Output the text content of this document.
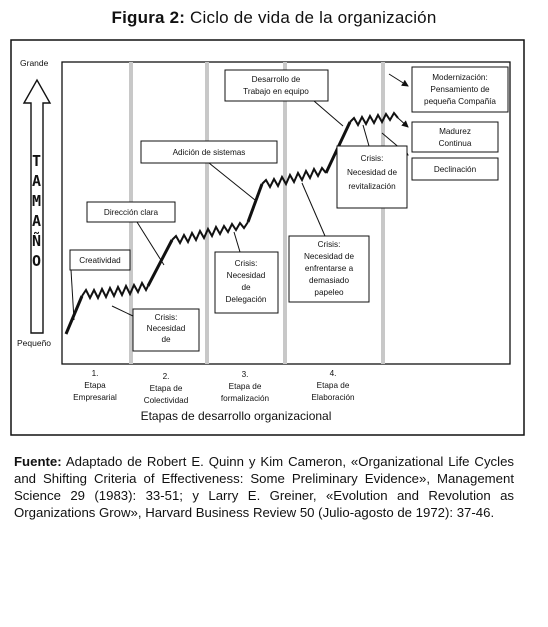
Figura 2: Ciclo de vida de la organización
Grande
Pequeño
T
A
M
A
Ñ
O	Creatividad
Dirección clara
Adición de sistemas
Desarrollo de
Trabajo en equipo
Crisis:
Necesidad
de
Crisis:
Necesidad
de
Delegación
Crisis:
Necesidad de
enfrentarse a
demasiado
papeleo
Crisis:
Necesidad de
revitalización
Modernización:
Pensamiento de
pequeña Compañía
Madurez
Continua
Declinación
1.
Etapa
Empresarial
2.
Etapa de
Colectividad
3.
Etapa de
formalización
4.
Etapa de
Elaboración
Etapas de desarrollo organizacional
Fuente: Adaptado de Robert E. Quinn y Kim Cameron, «Organizational Life Cycles and Shifting Criteria of Effectiveness: Some Preliminary Evidence», Management Science 29 (1983): 33-51; y Larry E. Greiner, «Evolution and Revolution as Organizations Grow», Harvard Business Review 50 (Julio-agosto de 1972): 37-46.
